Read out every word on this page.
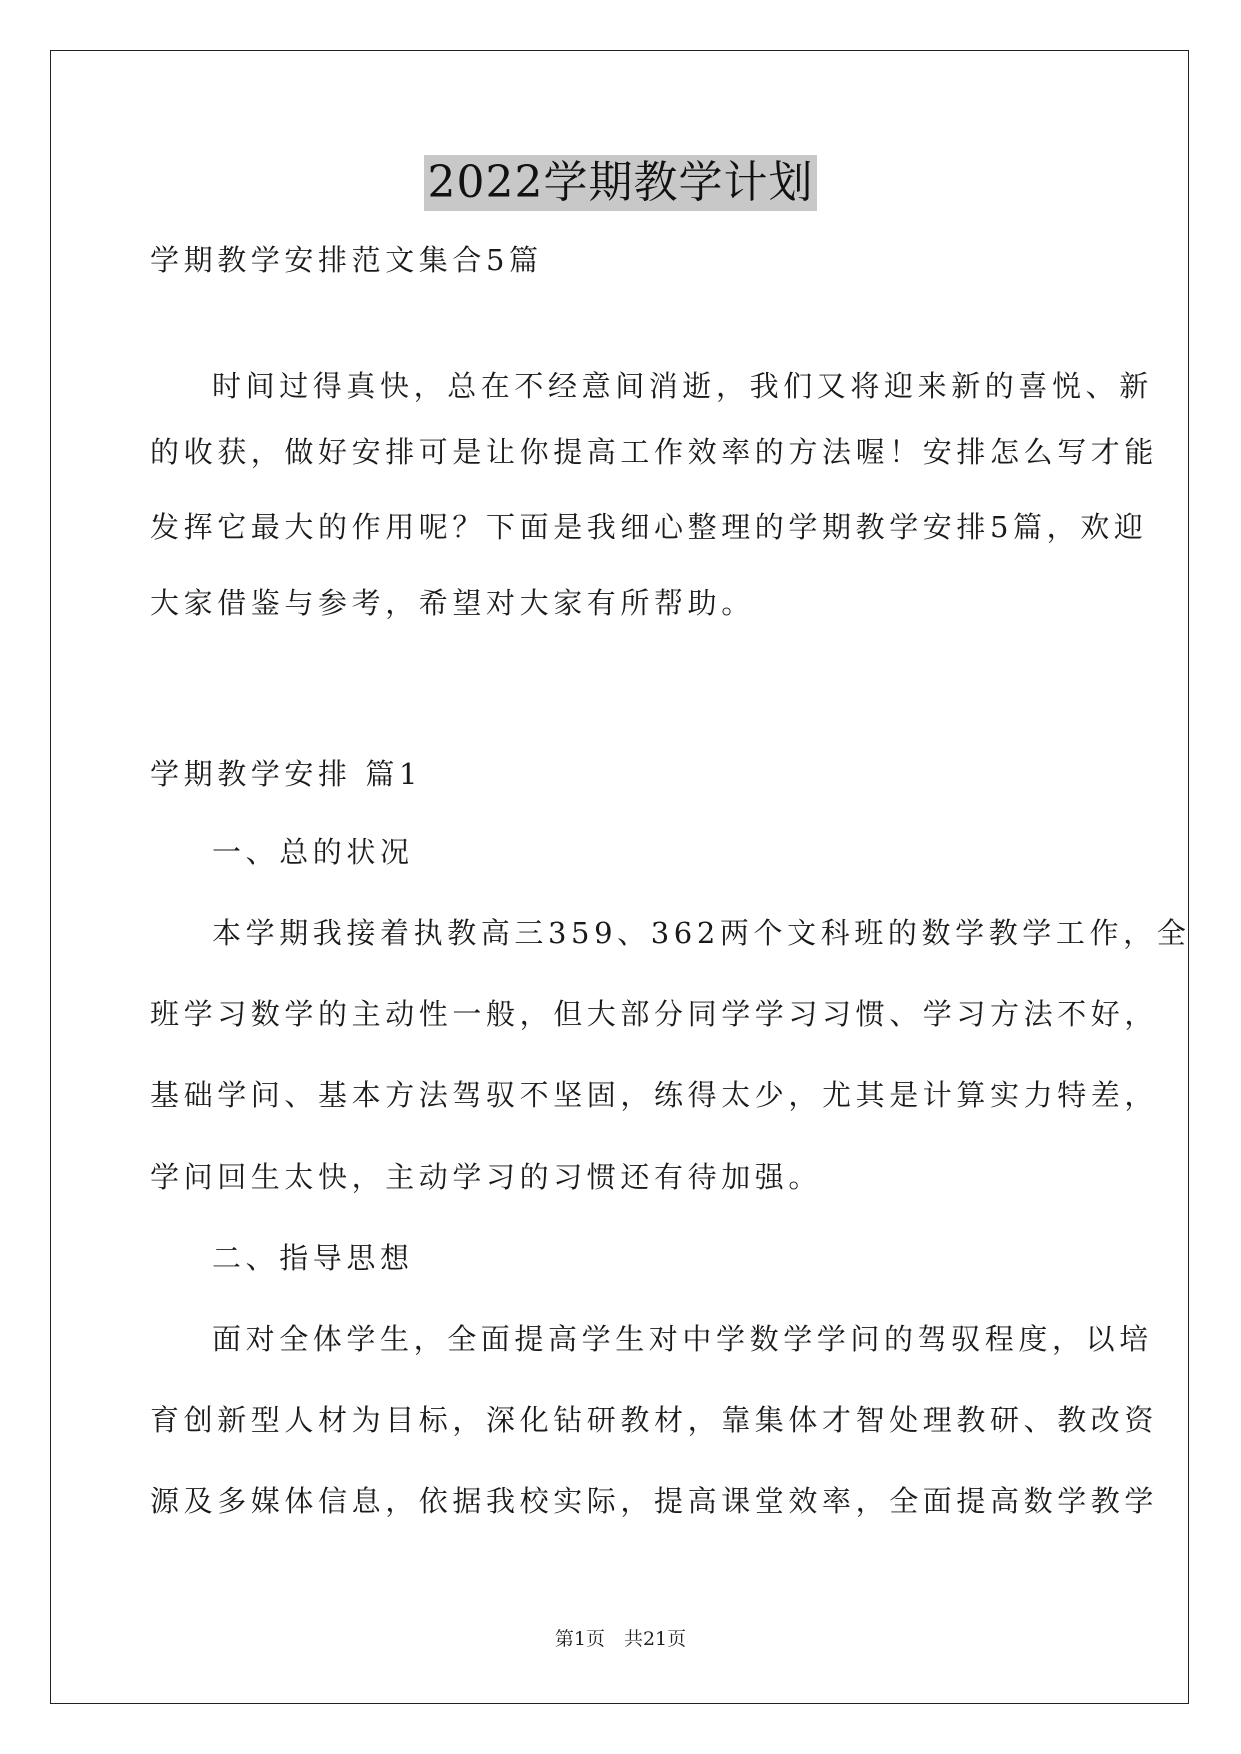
2022学期教学计划
学期教学安排范文集合5篇
时间过得真快，总在不经意间消逝，我们又将迎来新的喜悦、新
的收获，做好安排可是让你提高工作效率的方法喔！安排怎么写才能
发挥它最大的作用呢？下面是我细心整理的学期教学安排5篇，欢迎
大家借鉴与参考，希望对大家有所帮助。
学期教学安排 篇1
一、总的状况
本学期我接着执教高三359、362两个文科班的数学教学工作，全
班学习数学的主动性一般，但大部分同学学习习惯、学习方法不好，
基础学问、基本方法驾驭不坚固，练得太少，尤其是计算实力特差，
学问回生太快，主动学习的习惯还有待加强。
二、指导思想
面对全体学生，全面提高学生对中学数学学问的驾驭程度，以培
育创新型人材为目标，深化钻研教材，靠集体才智处理教研、教改资
源及多媒体信息，依据我校实际，提高课堂效率，全面提高数学教学
第1页　共21页
